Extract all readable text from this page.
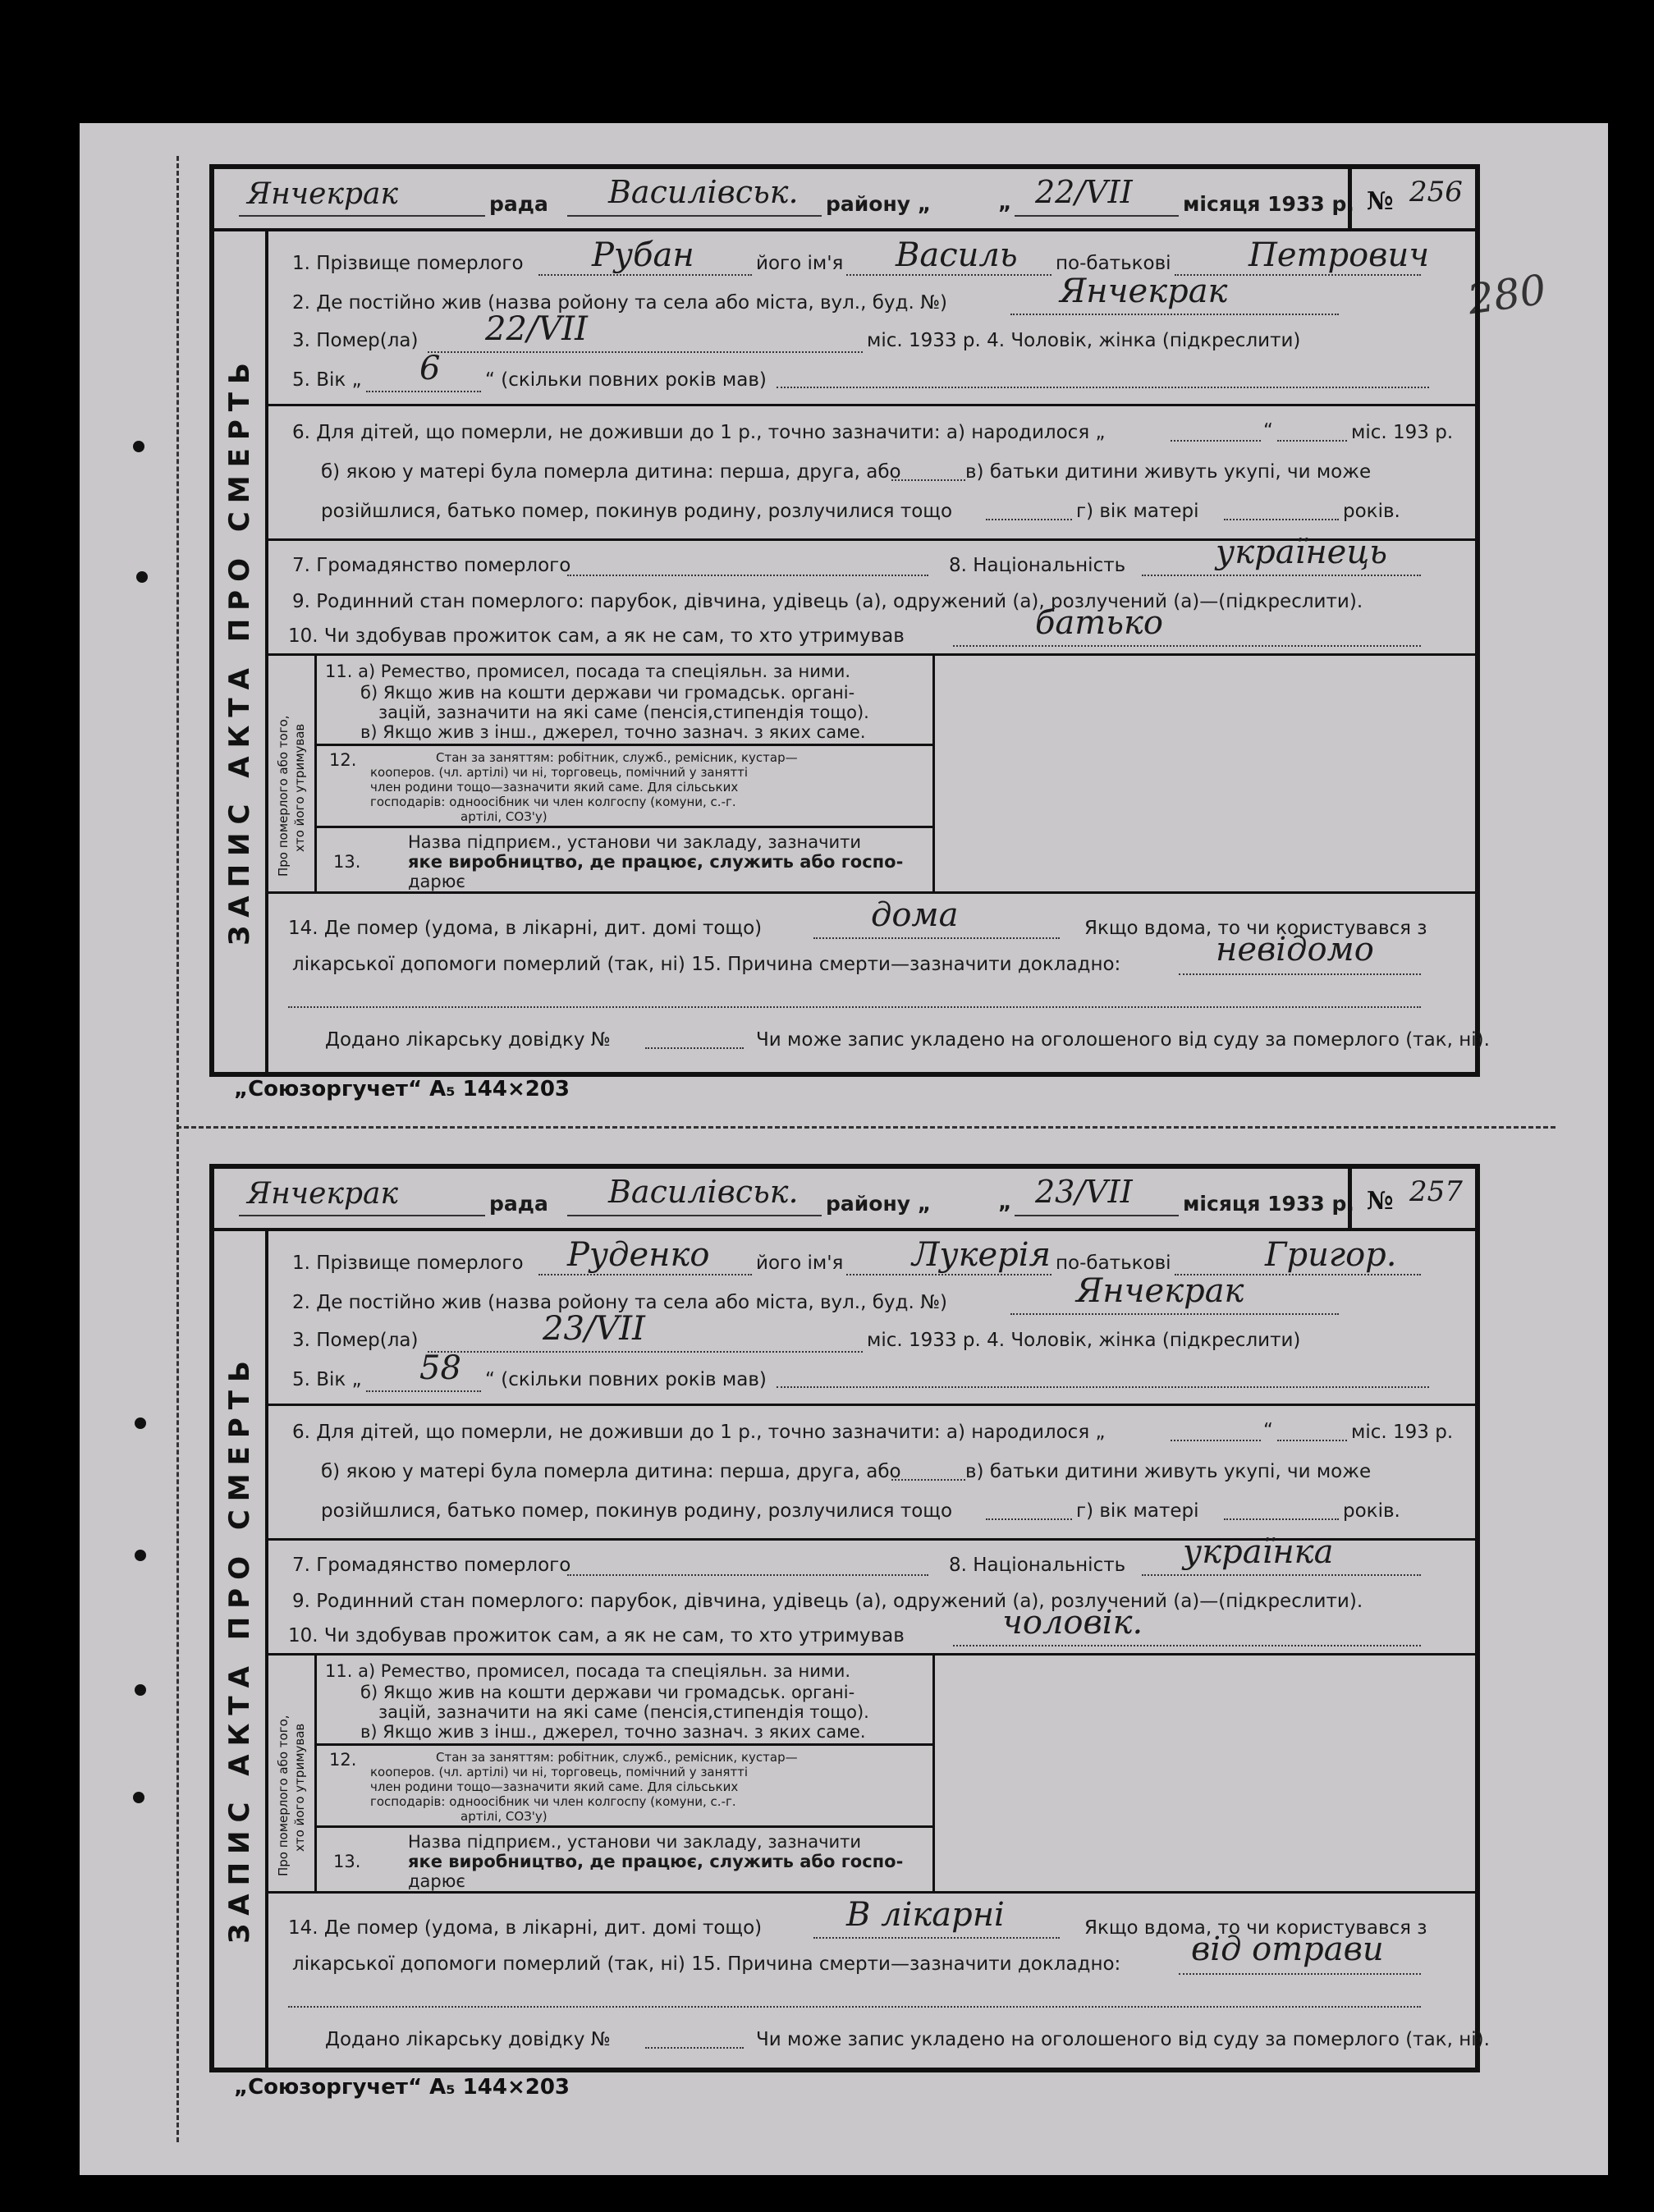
280
Янчекрак	рада Василівськ. району „	„ 22/VII місяця 1933 р. № 256
ЗАПИС АКТА ПРО СМЕРТЬ
1. Прізвище померлого Рубан	його ім'я Василь по-батькові Петрович
2. Де постійно жив (назва ройону та села або міста, вул., буд. №)	Янчекрак
3. Помер(ла) 22/VII	міс. 1933 р. 4. Чоловік, жінка (підкреслити)
5. Вік „ 6 “ (скільки повних років мав)
6. Для дітей, що померли, не доживши до 1 р., точно зазначити: а) народилося „	“	міс. 193 р.
б) якою у матері була померла дитина: перша, друга, або	в) батьки дитини живуть укупі, чи може
розійшлися, батько помер, покинув родину, розлучилися тощо	г) вік матері	років.
7. Громадянство померлого	8. Національність	українець
9. Родинний стан померлого: парубок, дівчина, удівець (а), одружений (а), розлучений (а)—(підкреслити).
10. Чи здобував прожиток сам, а як не сам, то хто утримував	батько
Про померлого або того, хто його утримував
11. а) Ремество, промисел, посада та спеціяльн. за ними.
б) Якщо жив на кошти держави чи громадськ. органі-
зацій, зазначити на які саме (пенсія,стипендія тощо).
в) Якщо жив з інш., джерел, точно зазнач. з яких саме.
12.	Стан за заняттям: робітник, служб., ремісник, кустар—
кооперов. (чл. артілі) чи ні, торговець, помічний у занятті
член родини тощо—зазначити який саме. Для сільських
господарів: одноосібник чи член колгоспу (комуни, с.-г.
артілі, СОЗ'у)
13.
Назва підприєм., установи чи закладу, зазначити
яке виробництво, де працює, служить або госпо-
дарює
14. Де помер (удома, в лікарні, дит. домі тощо)	дома	Якщо вдома, то чи користувався з
лікарської допомоги померлий (так, ні) 15. Причина смерти—зазначити докладно:	невідомо
Додано лікарську довідку №	Чи може запис укладено на оголошеного від суду за померлого (так, ні).
„Союзоргучет“ А₅ 144×203
Янчекрак	рада Василівськ. району „	„ 23/VII місяця 1933 р. № 257
ЗАПИС АКТА ПРО СМЕРТЬ
1. Прізвище померлого Руденко його ім'я Лукерія по-батькові	Григор.
2. Де постійно жив (назва ройону та села або міста, вул., буд. №)	Янчекрак
3. Помер(ла)	23/VII	міс. 1933 р. 4. Чоловік, жінка (підкреслити)
5. Вік „ 58 “ (скільки повних років мав)
6. Для дітей, що померли, не доживши до 1 р., точно зазначити: а) народилося „	“	міс. 193 р.
б) якою у матері була померла дитина: перша, друга, або	в) батьки дитини живуть укупі, чи може
розійшлися, батько помер, покинув родину, розлучилися тощо	г) вік матері	років.
7. Громадянство померлого	8. Національність українка
9. Родинний стан померлого: парубок, дівчина, удівець (а), одружений (а), розлучений (а)—(підкреслити).
10. Чи здобував прожиток сам, а як не сам, то хто утримував	чоловік.
Про померлого або того, хто його утримував
11. а) Ремество, промисел, посада та спеціяльн. за ними.
б) Якщо жив на кошти держави чи громадськ. органі-
зацій, зазначити на які саме (пенсія,стипендія тощо).
в) Якщо жив з інш., джерел, точно зазнач. з яких саме.
12.	Стан за заняттям: робітник, служб., ремісник, кустар—
кооперов. (чл. артілі) чи ні, торговець, помічний у занятті
член родини тощо—зазначити який саме. Для сільських
господарів: одноосібник чи член колгоспу (комуни, с.-г.
артілі, СОЗ'у)
13.
Назва підприєм., установи чи закладу, зазначити
яке виробництво, де працює, служить або госпо-
дарює
14. Де помер (удома, в лікарні, дит. домі тощо)	В лікарні	Якщо вдома, то чи користувався з
лікарської допомоги померлий (так, ні) 15. Причина смерти—зазначити докладно: від отрави
Додано лікарську довідку №	Чи може запис укладено на оголошеного від суду за померлого (так, ні).
„Союзоргучет“ А₅ 144×203
